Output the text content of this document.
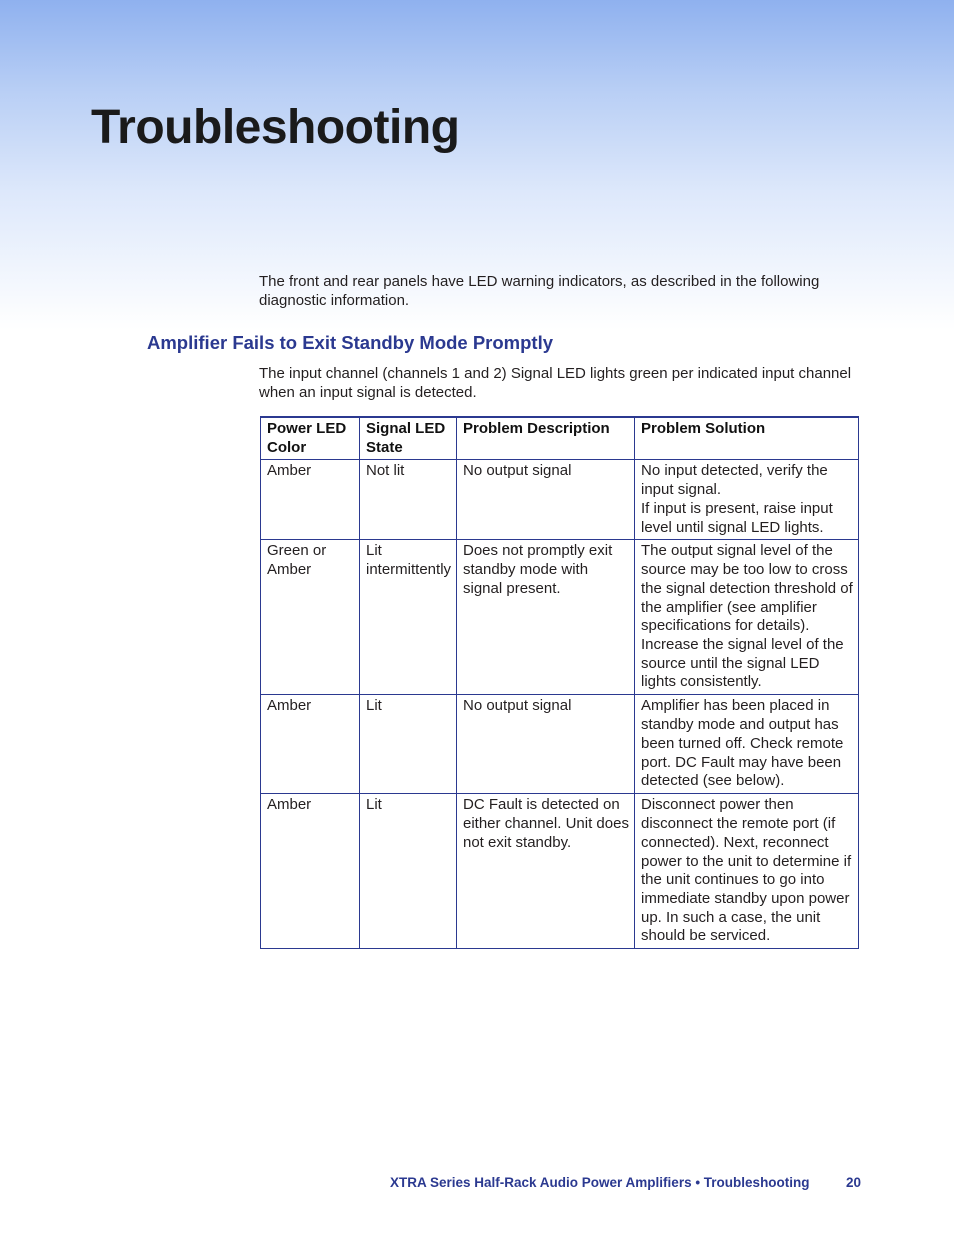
Troubleshooting

The front and rear panels have LED warning indicators, as described in the following diagnostic information.

Amplifier Fails to Exit Standby Mode Promptly

The input channel (channels 1 and 2) Signal LED lights green per indicated input channel when an input signal is detected.

Power LED Color	Signal LED State	Problem Description	Problem Solution
Amber	Not lit	No output signal	No input detected, verify the input signal.
If input is present, raise input level until signal LED lights.

Green or Amber	Lit intermittently	Does not promptly exit standby mode with signal present.	The output signal level of the source may be too low to cross the signal detection threshold of the amplifier (see amplifier specifications for details).
Increase the signal level of the source until the signal LED lights consistently.

Amber	Lit	No output signal	Amplifier has been placed in standby mode and output has been turned off. Check remote port. DC Fault may have been detected (see below).

Amber	Lit	DC Fault is detected on either channel. Unit does not exit standby.	Disconnect power then disconnect the remote port (if connected). Next, reconnect power to the unit to determine if the unit continues to go into immediate standby upon power up. In such a case, the unit should be serviced.
XTRA Series Half-Rack Audio Power Amplifiers • Troubleshooting	20
